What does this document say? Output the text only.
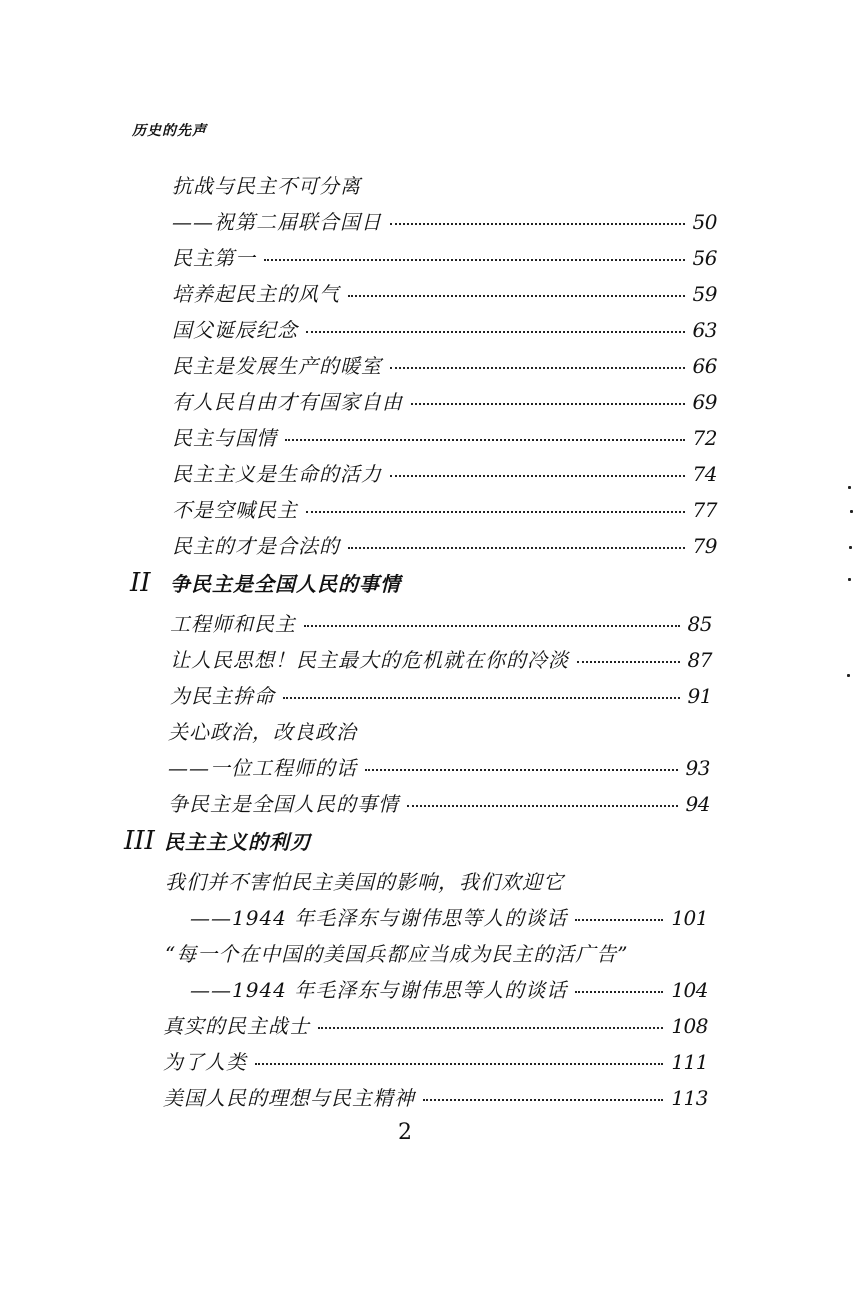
历史的先声
抗战与民主不可分离
——祝第二届联合国日	50
民主第一	56
培养起民主的风气	59
国父诞辰纪念	63
民主是发展生产的暖室	66
有人民自由才有国家自由	69
民主与国情	72
民主主义是生命的活力	74
不是空喊民主	77
民主的才是合法的	79
II 争民主是全国人民的事情
工程师和民主	85
让人民思想！民主最大的危机就在你的冷淡	87
为民主拚命	91
关心政治，改良政治
——一位工程师的话	93
争民主是全国人民的事情	94
III 民主主义的利刃
我们并不害怕民主美国的影响，我们欢迎它
——1944 年毛泽东与谢伟思等人的谈话	101
“每一个在中国的美国兵都应当成为民主的活广告”
——1944 年毛泽东与谢伟思等人的谈话	104
真实的民主战士	108
为了人类	111
美国人民的理想与民主精神	113
2
